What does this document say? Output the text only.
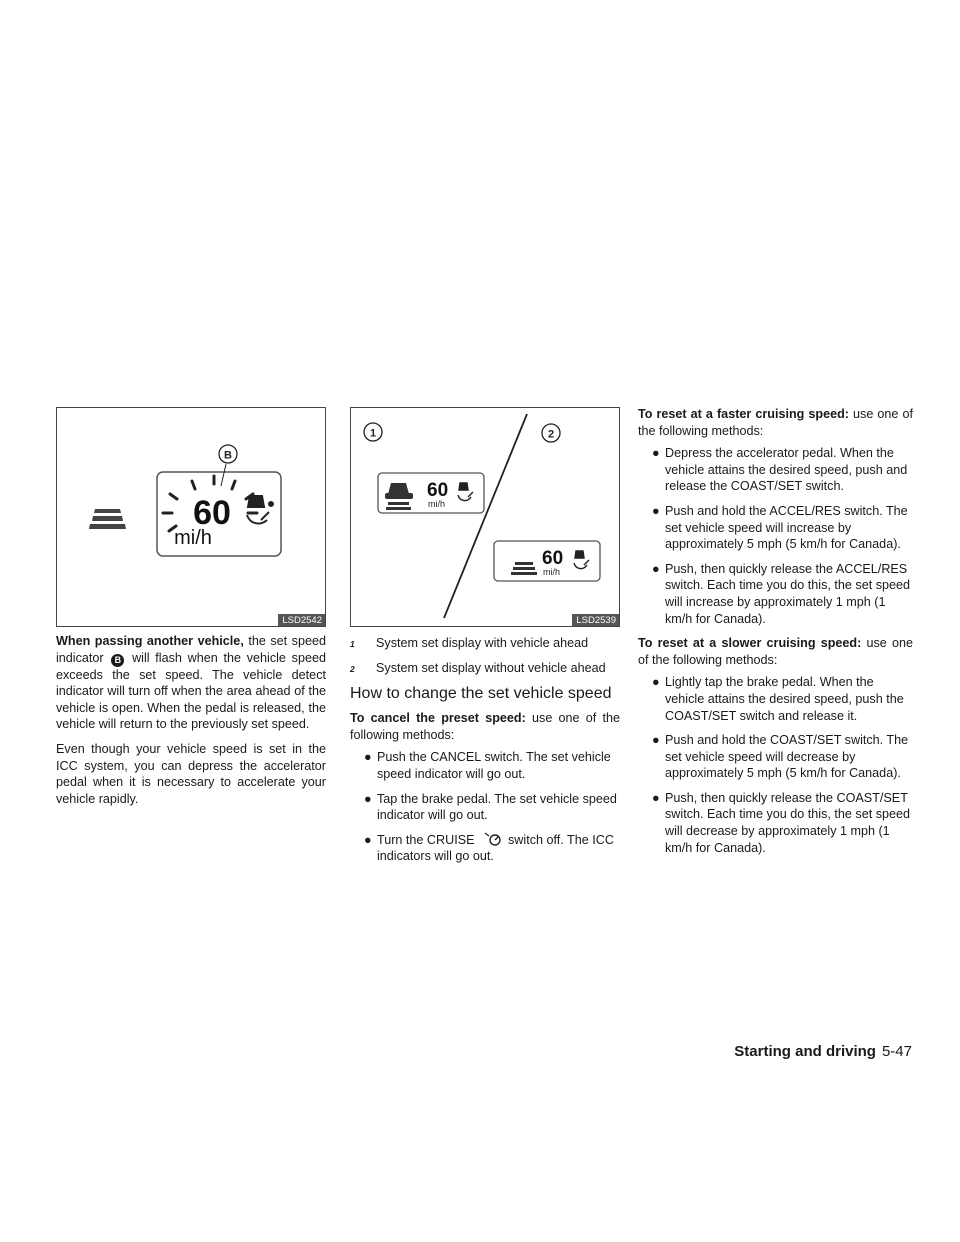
B
60
mi/h
LSD2542

When passing another vehicle, the set speed indicator B will flash when the vehicle speed exceeds the set speed. The vehicle detect indicator will turn off when the area ahead of the vehicle is open. When the pedal is released, the vehicle will return to the previously set speed.

Even though your vehicle speed is set in the ICC system, you can depress the accelerator pedal when it is necessary to accelerate your vehicle rapidly.

1	2
60
mi/h
60
mi/h
LSD2539
1	System set display with vehicle ahead
2	System set display without vehicle ahead
How to change the set vehicle speed

To cancel the preset speed: use one of the following methods:

● Push the CANCEL switch. The set vehicle speed indicator will go out.
● Tap the brake pedal. The set vehicle speed indicator will go out.
● Turn the CRUISE switch off. The ICC indicators will go out.

To reset at a faster cruising speed: use one of the following methods:

● Depress the accelerator pedal. When the vehicle attains the desired speed, push and release the COAST/SET switch.
● Push and hold the ACCEL/RES switch. The set vehicle speed will increase by approximately 5 mph (5 km/h for Canada).
● Push, then quickly release the ACCEL/RES switch. Each time you do this, the set speed will increase by approximately 1 mph (1 km/h for Canada).

To reset at a slower cruising speed: use one of the following methods:

● Lightly tap the brake pedal. When the vehicle attains the desired speed, push the COAST/SET switch and release it.
● Push and hold the COAST/SET switch. The set vehicle speed will decrease by approximately 5 mph (5 km/h for Canada).
● Push, then quickly release the COAST/SET switch. Each time you do this, the set speed will decrease by approximately 1 mph (1 km/h for Canada).
Starting and driving 5-47
